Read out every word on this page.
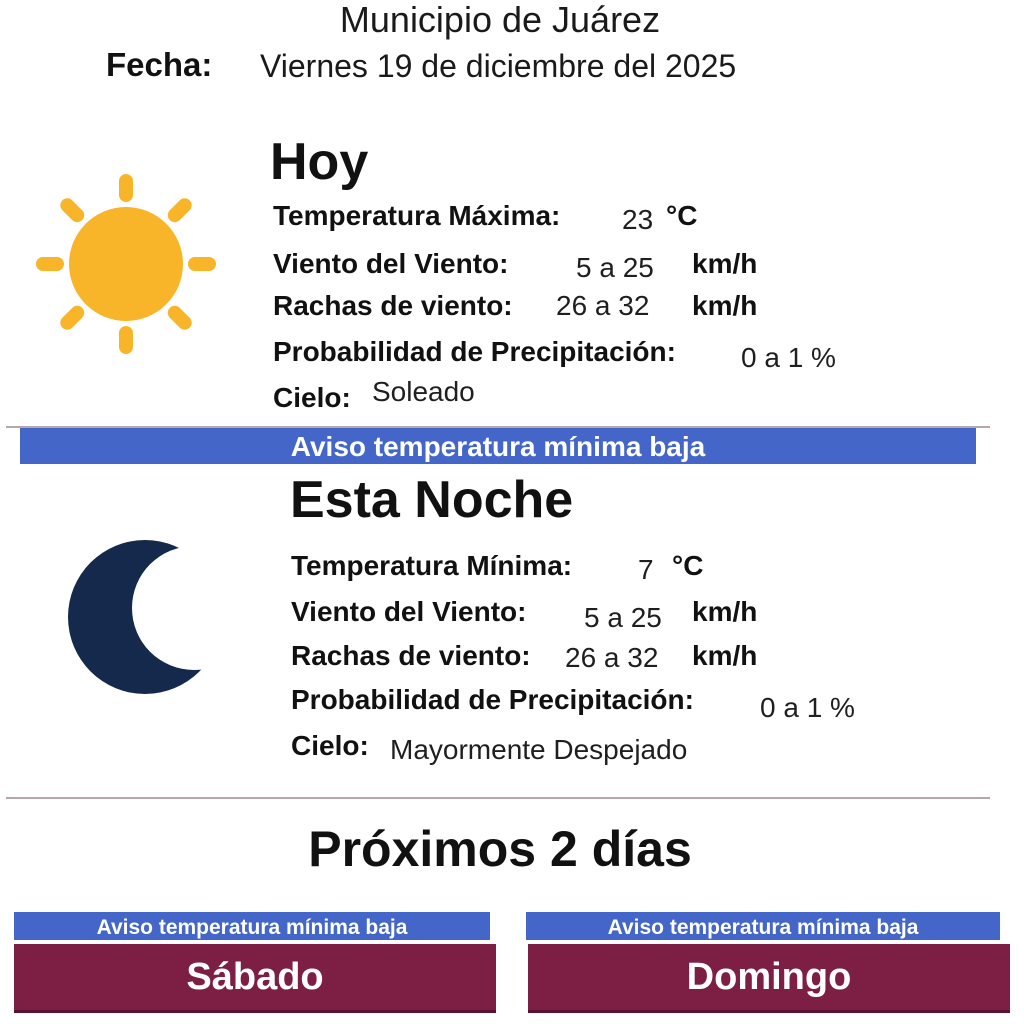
Municipio de Juárez
Fecha: Viernes 19 de diciembre del 2025
Hoy
Temperatura Máxima: 23 °C
Viento del Viento: 5 a 25 km/h
Rachas de viento: 26 a 32 km/h
Probabilidad de Precipitación: 0 a 1 %
Cielo: Soleado
Aviso temperatura mínima baja
Esta Noche
Temperatura Mínima: 7 °C
Viento del Viento: 5 a 25 km/h
Rachas de viento: 26 a 32 km/h
Probabilidad de Precipitación: 0 a 1 %
Cielo: Mayormente Despejado
Próximos 2 días
Aviso temperatura mínima baja
Sábado
Aviso temperatura mínima baja
Domingo
